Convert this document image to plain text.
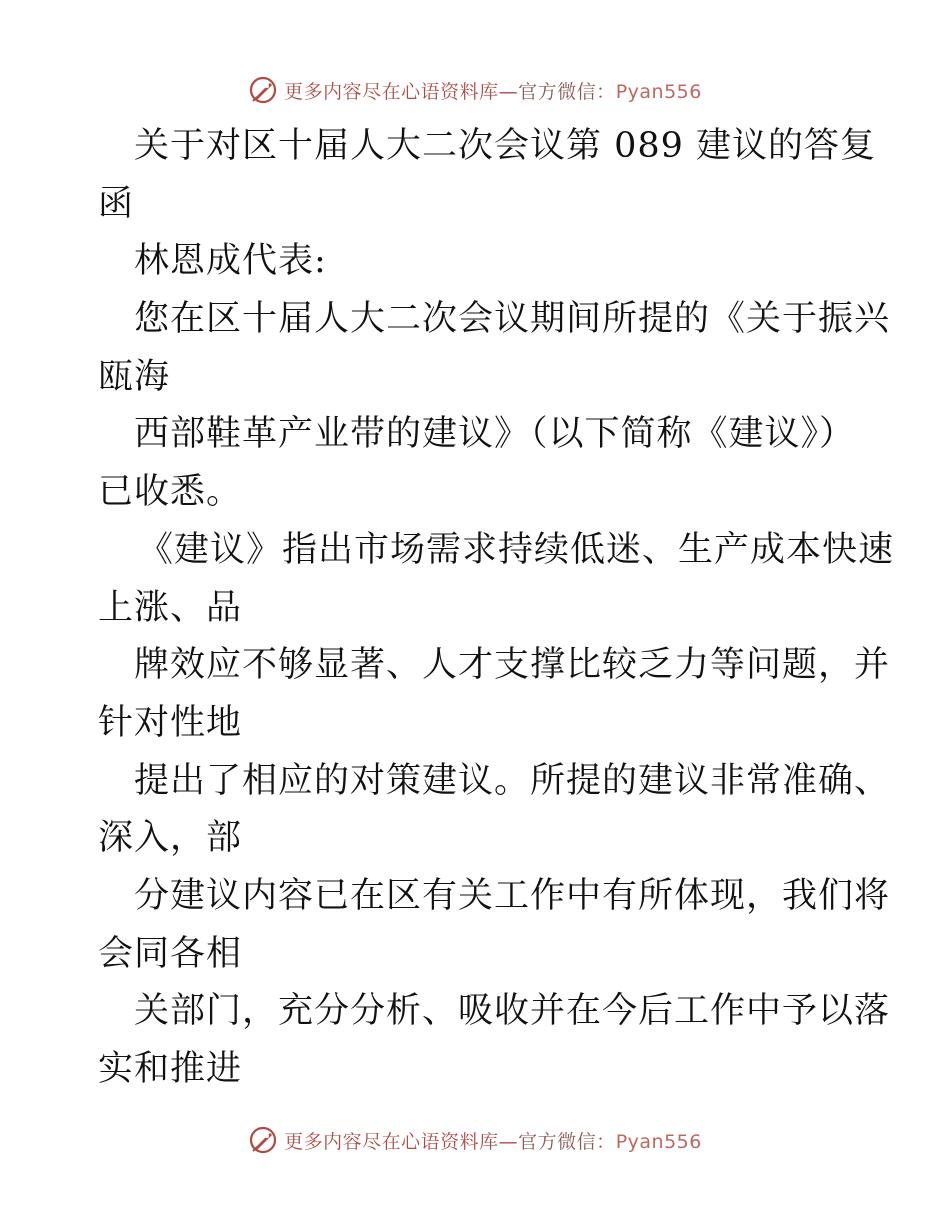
更多内容尽在心语资料库—官方微信：Pyan556
关于对区十届人大二次会议第 089 建议的答复
函
林恩成代表:
您在区十届人大二次会议期间所提的《关于振兴
瓯海
西部鞋革产业带的建议》（以下简称《建议》）
已收悉。
《建议》指出市场需求持续低迷、生产成本快速
上涨、品
牌效应不够显著、人才支撑比较乏力等问题，并
针对性地
提出了相应的对策建议。所提的建议非常准确、
深入，部
分建议内容已在区有关工作中有所体现，我们将
会同各相
关部门，充分分析、吸收并在今后工作中予以落
实和推进
更多内容尽在心语资料库—官方微信：Pyan556
